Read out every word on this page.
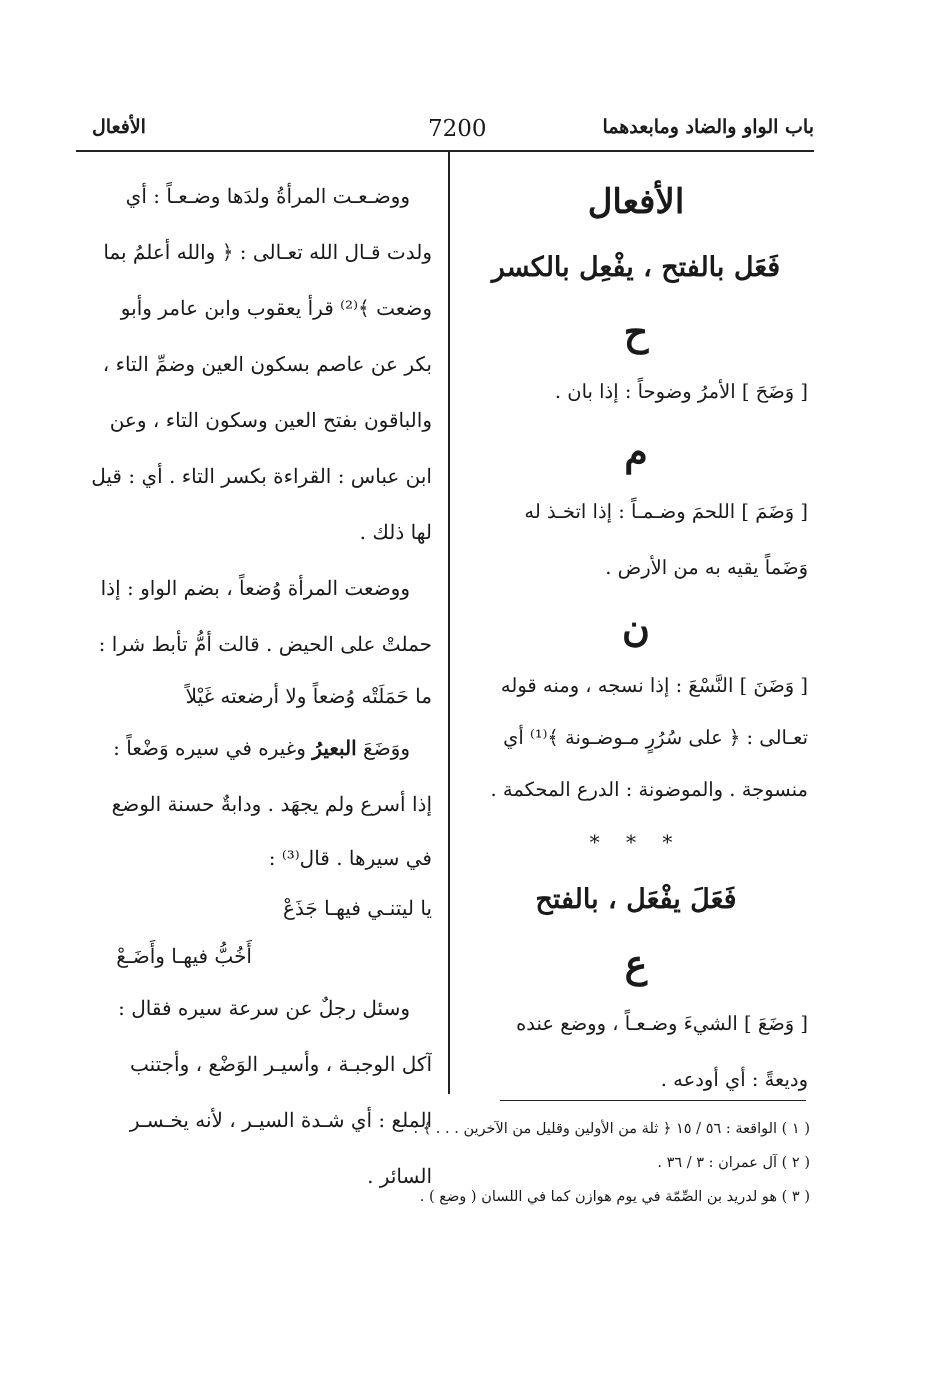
باب الواو والضاد ومابعدهما
7200
الأفعال
الأفعال
فَعَل بالفتح ، يفْعِل بالكسر
ح
[ وَضَحَ ] الأمرُ وضوحاً : إذا بان .
م
[ وَضَمَ ] اللحمَ وضـمـاً : إذا اتخـذ له
وَضَماً يقيه به من الأرض .
ن
[ وَضَنَ ] النَّسْعَ : إذا نسجه ، ومنه قوله
تعـالى : ﴿ على سُرُرٍ مـوضـونة ﴾⁽¹⁾ أي
منسوجة . والموضونة : الدرع المحكمة .
* * *
فَعَلَ يفْعَل ، بالفتح
ع
[ وَضَعَ ] الشيءَ وضـعـاً ، ووضع عنده
وديعةً : أي أودعه .
ووضـعـت المرأةُ ولدَها وضـعـاً : أي
ولدت قـال الله تعـالى : ﴿ والله أعلمُ بما
وضعت ﴾⁽²⁾ قرأ يعقوب وابن عامر وأبو
بكر عن عاصم بسكون العين وضمِّ التاء ،
والباقون بفتح العين وسكون التاء ، وعن
ابن عباس : القراءة بكسر التاء . أي : قيل
لها ذلك .
ووضعت المرأة وُضعاً ، بضم الواو : إذا
حملتْ على الحيض . قالت أمُّ تأبط شرا :
ما حَمَلَتْه وُضعاً ولا أرضعته غَيْلاً
ووَضَعَ البعيرُ وغيره في سيره وَضْعاً :
إذا أسرع ولم يجهَد . ودابةٌ حسنة الوضع
في سيرها . قال⁽³⁾ :
يا ليتنـي فيهـا جَذَعْ
أَخُبُّ فيهـا وأَضَـعْ
وسئل رجلٌ عن سرعة سيره فقال :
آكل الوجبـة ، وأسيـر الوَضْع ، وأجتنب
الملع : أي شـدة السيـر ، لأنه يخـسـر
السائر .
( ١ ) الواقعة : ٥٦ / ١٥ ﴿ ثلة من الأولين وقليل من الآخرين . . . ﴾ .
( ٢ ) آل عمران : ٣ / ٣٦ .
( ٣ ) هو لدريد بن الصِّمّة في يوم هوازن كما في اللسان ( وضع ) .
